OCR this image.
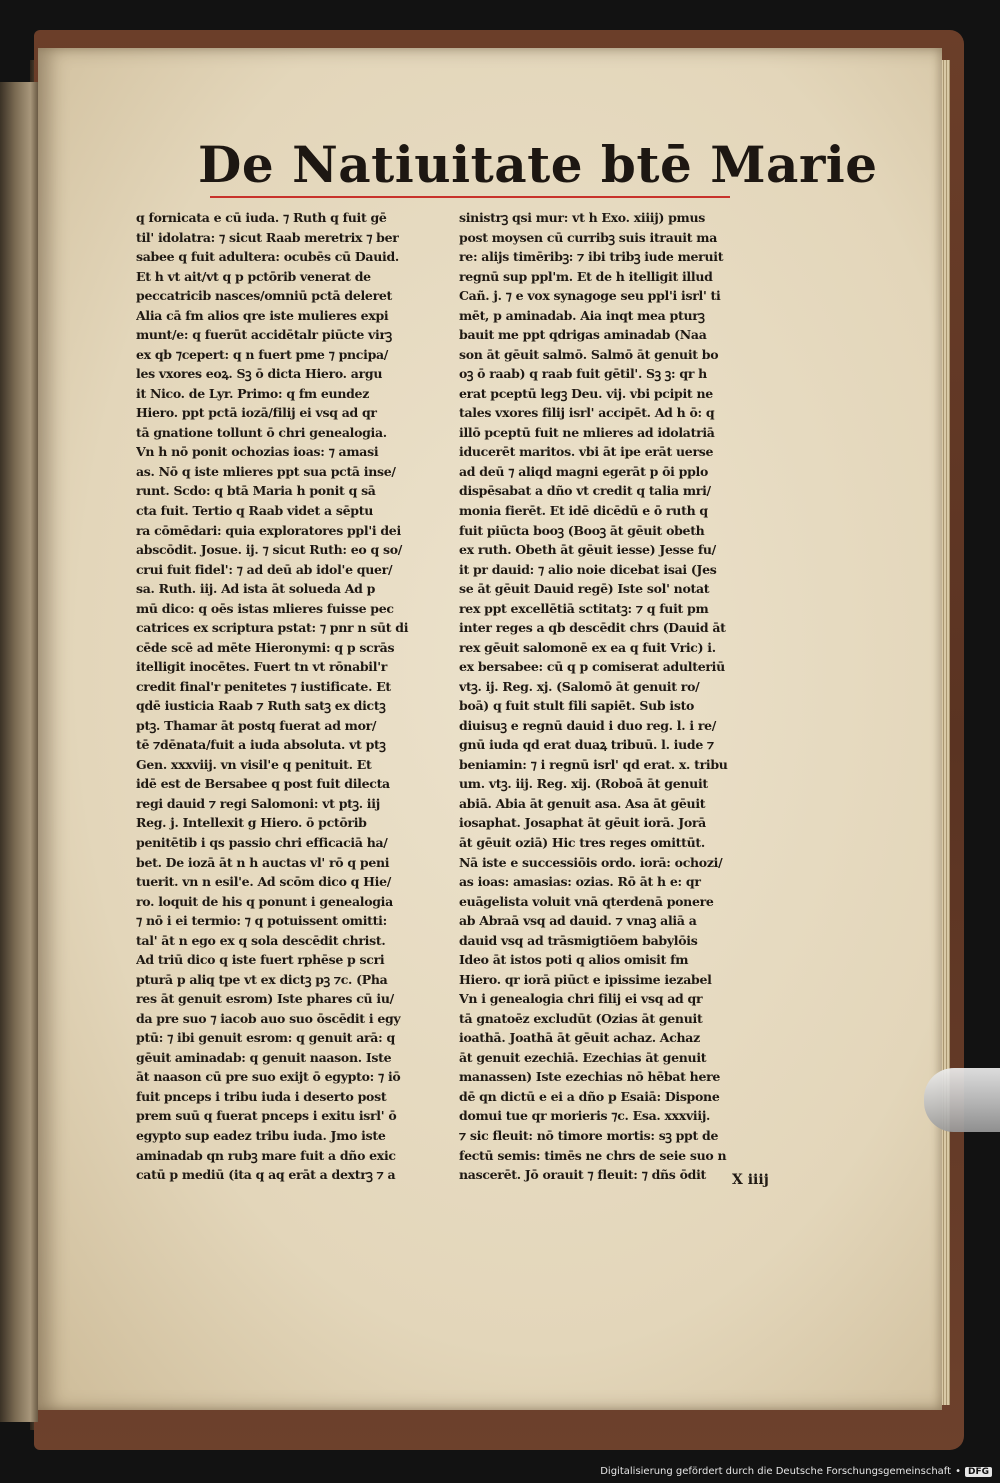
De Natiuitate btē Marie
q fornicata e cū iuda. ⁊ Ruth q fuit gē
til' idolatra: ⁊ sicut Raab meretrix ⁊ ber
sabee q fuit adultera: ocubēs cū Dauid.
Et h vt ait/vt q p pctōrib venerat de
peccatricib nasces/omniū pctā deleret
Alia cā fm alios qre iste mulieres expi
munt/e: q fuerūt accidētalr piūcte virꝫ
ex qb ⁊cepert: q n fuert pme ⁊ pncipa/
les vxores eoꝝ. Sꝫ ō dicta Hiero. argu
it Nico. de Lyr. Primo: q fm eundez
Hiero. ppt pctā iozā/filij ei vsq ad qr
tā gnatione tollunt ō chri genealogia.
Vn h nō ponit ochozias ioas: ⁊ amasi
as. Nō q iste mlieres ppt sua pctā inse/
runt. Scdo: q btā Maria h ponit q sā
cta fuit. Tertio q Raab videt a sēptu
ra cōmēdari: quia exploratores ppl'i dei
abscōdit. Josue. ij. ⁊ sicut Ruth: eo q so/
crui fuit fidel': ⁊ ad deū ab idol'e quer/
sa. Ruth. iij. Ad ista āt solueda Ad p
mū dico: q oēs istas mlieres fuisse pec
catrices ex scriptura pstat: ⁊ pnr n sūt di
cēde scē ad mēte Hieronymi: q p scrās
itelligit inocētes. Fuert tn vt rōnabil'r
credit final'r penitetes ⁊ iustificate. Et
qdē iusticia Raab ⁊ Ruth satꝫ ex dictꝫ
ptꝫ. Thamar āt postq fuerat ad mor/
tē ⁊dēnata/fuit a iuda absoluta. vt ptꝫ
Gen. xxxviij. vn visil'e q penituit. Et
idē est de Bersabee q post fuit dilecta
regi dauid ⁊ regi Salomoni: vt ptꝫ. iij
Reg. j. Intellexit g Hiero. ō pctōrib
penitētib i qs passio chri efficaciā ha/
bet. De iozā āt n h auctas vl' rō q peni
tuerit. vn n esil'e. Ad scōm dico q Hie/
ro. loquit de his q ponunt i genealogia
⁊ nō i ei termio: ⁊ q potuissent omitti:
tal' āt n ego ex q sola descēdit christ.
Ad triū dico q iste fuert rphēse p scri
pturā p aliq tpe vt ex dictꝫ pꝫ ⁊c. (Pha
res āt genuit esrom) Iste phares cū iu/
da pre suo ⁊ iacob auo suo ōscēdit i egy
ptū: ⁊ ibi genuit esrom: q genuit arā: q
gēuit aminadab: q genuit naason. Iste
āt naason cū pre suo exijt ō egypto: ⁊ iō
fuit pnceps i tribu iuda i deserto post
prem suū q fuerat pnceps i exitu isrl' ō
egypto sup eadez tribu iuda. Jmo iste
aminadab qn rubꝫ mare fuit a dño exic
catū p mediū (ita q aq erāt a dextrꝫ ⁊ a
sinistrꝫ qsi mur: vt h Exo. xiiij) pmus
post moysen cū curribꝫ suis itrauit ma
re: alijs timēribꝫ: ⁊ ibi tribꝫ iude meruit
regnū sup ppl'm. Et de h itelligit illud
Cañ. j. ⁊ e vox synagoge seu ppl'i isrl' ti
mēt, p aminadab. Aia inqt mea pturꝫ
bauit me ppt qdrigas aminadab (Naa
son āt gēuit salmō. Salmō āt genuit bo
oꝫ ō raab) q raab fuit gētil'. Sꝫ ꝫ: qr h
erat pceptū legꝫ Deu. vij. vbi pcipit ne
tales vxores filij isrl' accipēt. Ad h ō: q
illō pceptū fuit ne mlieres ad idolatriā
iducerēt maritos. vbi āt ipe erāt uerse
ad deū ⁊ aliqd magni egerāt p ōi pplo
dispēsabat a dño vt credit q talia mri/
monia fierēt. Et idē dicēdū e ō ruth q
fuit piūcta booꝫ (Booꝫ āt gēuit obeth
ex ruth. Obeth āt gēuit iesse) Jesse fu/
it pr dauid: ⁊ alio noie dicebat isai (Jes
se āt gēuit Dauid regē) Iste sol' notat
rex ppt excellētiā sctitatꝫ: ⁊ q fuit pm
inter reges a qb descēdit chrs (Dauid āt
rex gēuit salomonē ex ea q fuit Vric) i.
ex bersabee: cū q p comiserat adulteriū
vtꝫ. ij. Reg. xj. (Salomō āt genuit ro/
boā) q fuit stult fili sapiēt. Sub isto
diuisuꝫ e regnū dauid i duo reg. l. i re/
gnū iuda qd erat duaꝝ tribuū. l. iude ⁊
beniamin: ⁊ i regnū isrl' qd erat. x. tribu
um. vtꝫ. iij. Reg. xij. (Roboā āt genuit
abiā. Abia āt genuit asa. Asa āt gēuit
iosaphat. Josaphat āt gēuit iorā. Jorā
āt gēuit oziā) Hic tres reges omittūt.
Nā iste e successiōis ordo. iorā: ochozi/
as ioas: amasias: ozias. Rō āt h e: qr
euāgelista voluit vnā qterdenā ponere
ab Abraā vsq ad dauid. ⁊ vnaꝫ aliā a
dauid vsq ad trāsmigtiōem babylōis
Ideo āt istos poti q alios omisit fm
Hiero. qr iorā piūct e ipissime iezabel
Vn i genealogia chri filij ei vsq ad qr
tā gnatoēz excludūt (Ozias āt genuit
ioathā. Joathā āt gēuit achaz. Achaz
āt genuit ezechiā. Ezechias āt genuit
manassen) Iste ezechias nō hēbat here
dē qn dictū e ei a dño p Esaiā: Dispone
domui tue qr morieris ⁊c. Esa. xxxviij.
⁊ sic fleuit: nō timore mortis: sꝫ ppt de
fectū semis: timēs ne chrs de seie suo n
nascerēt. Jō orauit ⁊ fleuit: ⁊ dñs ōdit	X iiij
Digitalisierung gefördert durch die Deutsche Forschungsgemeinschaft • DFG
